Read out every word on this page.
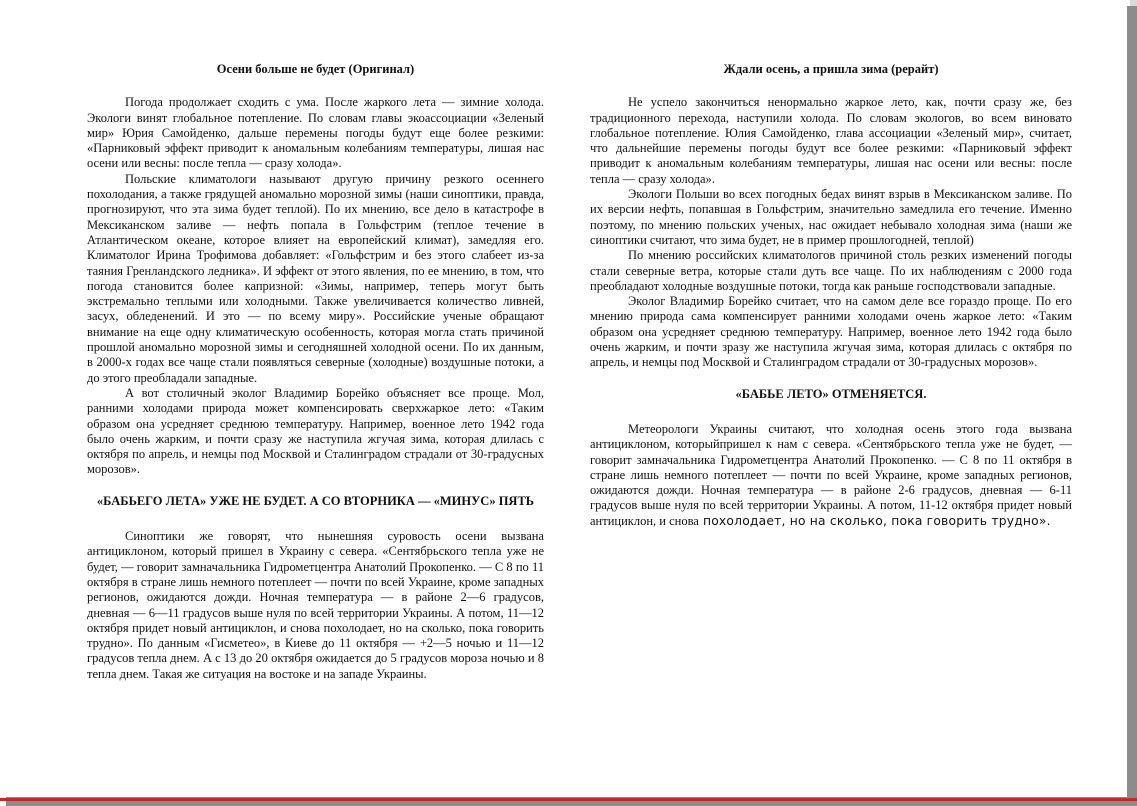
Осени больше не будет (Оригинал)

Погода продолжает сходить с ума. После жаркого лета — зимние холода. Экологи винят глобальное потепление. По словам главы экоассоциации «Зеленый мир» Юрия Самойденко, дальше перемены погоды будут еще более резкими: «Парниковый эффект приводит к аномальным колебаниям температуры, лишая нас осени или весны: после тепла — сразу холода».

Польские климатологи называют другую причину резкого осеннего похолодания, а также грядущей аномально морозной зимы (наши синоптики, правда, прогнозируют, что эта зима будет теплой). По их мнению, все дело в катастрофе в Мексиканском заливе — нефть попала в Гольфстрим (теплое течение в Атлантическом океане, которое влияет на европейский климат), замедляя его. Климатолог Ирина Трофимова добавляет: «Гольфстрим и без этого слабеет из-за таяния Гренландского ледника». И эффект от этого явления, по ее мнению, в том, что погода становится более капризной: «Зимы, например, теперь могут быть экстремально теплыми или холодными. Также увеличивается количество ливней, засух, обледенений. И это — по всему миру». Российские ученые обращают внимание на еще одну климатическую особенность, которая могла стать причиной прошлой аномально морозной зимы и сегодняшней холодной осени. По их данным, в 2000-х годах все чаще стали появляться северные (холодные) воздушные потоки, а до этого преобладали западные.

А вот столичный эколог Владимир Борейко объясняет все проще. Мол, ранними холодами природа может компенсировать сверхжаркое лето: «Таким образом она усредняет среднюю температуру. Например, военное лето 1942 года было очень жарким, и почти сразу же наступила жгучая зима, которая длилась с октября по апрель, и немцы под Москвой и Сталинградом страдали от 30-градусных морозов».

«БАБЬЕГО ЛЕТА» УЖЕ НЕ БУДЕТ. А СО ВТОРНИКА — «МИНУС» ПЯТЬ

Синоптики же говорят, что нынешняя суровость осени вызвана антициклоном, который пришел в Украину с севера. «Сентябрьского тепла уже не будет, — говорит замначальника Гидрометцентра Анатолий Прокопенко. — С 8 по 11 октября в стране лишь немного потеплеет — почти по всей Украине, кроме западных регионов, ожидаются дожди. Ночная температура — в районе 2—6 градусов, дневная — 6—11 градусов выше нуля по всей территории Украины. А потом, 11—12 октября придет новый антициклон, и снова похолодает, но на сколько, пока говорить трудно». По данным «Гисметео», в Киеве до 11 октября — +2—5 ночью и 11—12 градусов тепла днем. А с 13 до 20 октября ожидается до 5 градусов мороза ночью и 8 тепла днем. Такая же ситуация на востоке и на западе Украины.

Ждали осень, а пришла зима (рерайт)

Не успело закончиться ненормально жаркое лето, как, почти сразу же, без традиционного перехода, наступили холода. По словам экологов, во всем виновато глобальное потепление. Юлия Самойденко, глава ассоциации «Зеленый мир», считает, что дальнейшие перемены погоды будут все более резкими: «Парниковый эффект приводит к аномальным колебаниям температуры, лишая нас осени или весны: после тепла — сразу холода».

Экологи Польши во всех погодных бедах винят взрыв в Мексиканском заливе. По их версии нефть, попавшая в Гольфстрим, значительно замедлила его течение. Именно поэтому, по мнению польских ученых, нас ожидает небывало холодная зима (наши же синоптики считают, что зима будет, не в пример прошлогодней, теплой)

По мнению российских климатологов причиной столь резких изменений погоды стали северные ветра, которые стали дуть все чаще. По их наблюдениям с 2000 года преобладают холодные воздушные потоки, тогда как раньше господствовали западные.

Эколог Владимир Борейко считает, что на самом деле все гораздо проще. По его мнению природа сама компенсирует ранними холодами очень жаркое лето: «Таким образом она усредняет среднюю температуру. Например, военное лето 1942 года было очень жарким, и почти зразу же наступила жгучая зима, которая длилась с октября по апрель, и немцы под Москвой и Сталинградом страдали от 30-градусных морозов».

«БАБЬЕ ЛЕТО» ОТМЕНЯЕТСЯ.

Метеорологи Украины считают, что холодная осень этого года вызвана антициклоном, которыйпришел к нам с севера. «Сентябрьского тепла уже не будет, — говорит замначальника Гидрометцентра Анатолий Прокопенко. — С 8 по 11 октября в стране лишь немного потеплеет — почти по всей Украине, кроме западных регионов, ожидаются дожди. Ночная температура — в районе 2-6 градусов, дневная — 6-11 градусов выше нуля по всей территории Украины. А потом, 11-12 октября придет новый антициклон, и снова похолодает, но на сколько, пока говорить трудно».
